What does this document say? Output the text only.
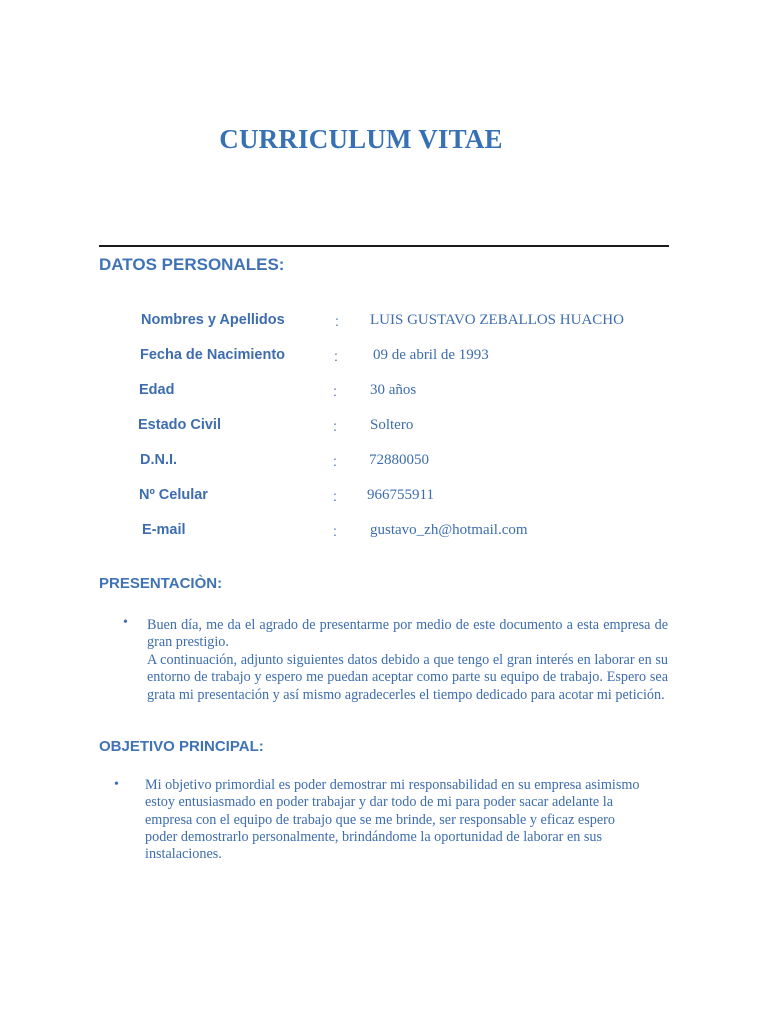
CURRICULUM VITAE
DATOS PERSONALES:
Nombres y Apellidos	: LUIS GUSTAVO ZEBALLOS HUACHO
Fecha de Nacimiento	: 09 de abril de 1993
Edad	: 30 años
Estado Civil	: Soltero
D.N.I.	: 72880050
Nº Celular	: 966755911
E-mail	: gustavo_zh@hotmail.com
PRESENTACIÒN:
• Buen día, me da el agrado de presentarme por medio de este documento a esta empresa de gran prestigio.

A continuación, adjunto siguientes datos debido a que tengo el gran interés en laborar en su entorno de trabajo y espero me puedan aceptar como parte su equipo de trabajo. Espero sea grata mi presentación y así mismo agradecerles el tiempo dedicado para acotar mi petición.

OBJETIVO PRINCIPAL:
• Mi objetivo primordial es poder demostrar mi responsabilidad en su empresa asimismo estoy entusiasmado en poder trabajar y dar todo de mi para poder sacar adelante la empresa con el equipo de trabajo que se me brinde, ser responsable y eficaz espero poder demostrarlo personalmente, brindándome la oportunidad de laborar en sus instalaciones.
